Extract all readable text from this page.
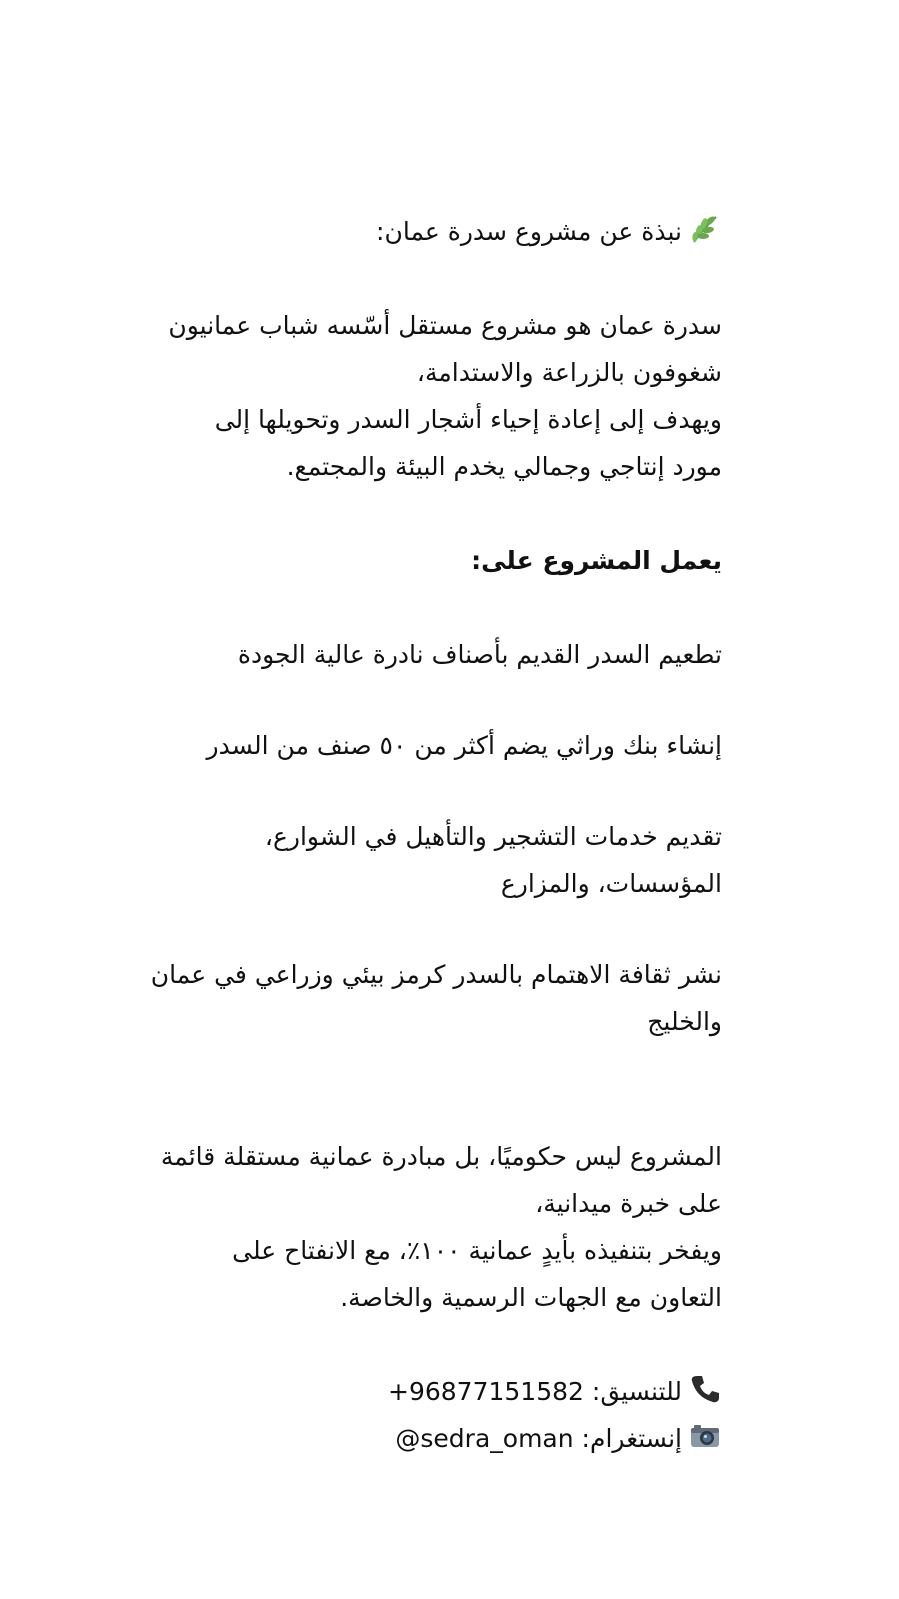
نبذة عن مشروع سدرة عمان:
سدرة عمان هو مشروع مستقل أسّسه شباب عمانيون
شغوفون بالزراعة والاستدامة،
ويهدف إلى إعادة إحياء أشجار السدر وتحويلها إلى
مورد إنتاجي وجمالي يخدم البيئة والمجتمع.
يعمل المشروع على:
تطعيم السدر القديم بأصناف نادرة عالية الجودة
إنشاء بنك وراثي يضم أكثر من ٥٠ صنف من السدر
تقديم خدمات التشجير والتأهيل في الشوارع،
المؤسسات، والمزارع
نشر ثقافة الاهتمام بالسدر كرمز بيئي وزراعي في عمان
والخليج
المشروع ليس حكوميًا، بل مبادرة عمانية مستقلة قائمة
على خبرة ميدانية،
ويفخر بتنفيذه بأيدٍ عمانية ١٠٠٪، مع الانفتاح على
التعاون مع الجهات الرسمية والخاصة.
للتنسيق: +96877151582
إنستغرام: @sedra_oman
